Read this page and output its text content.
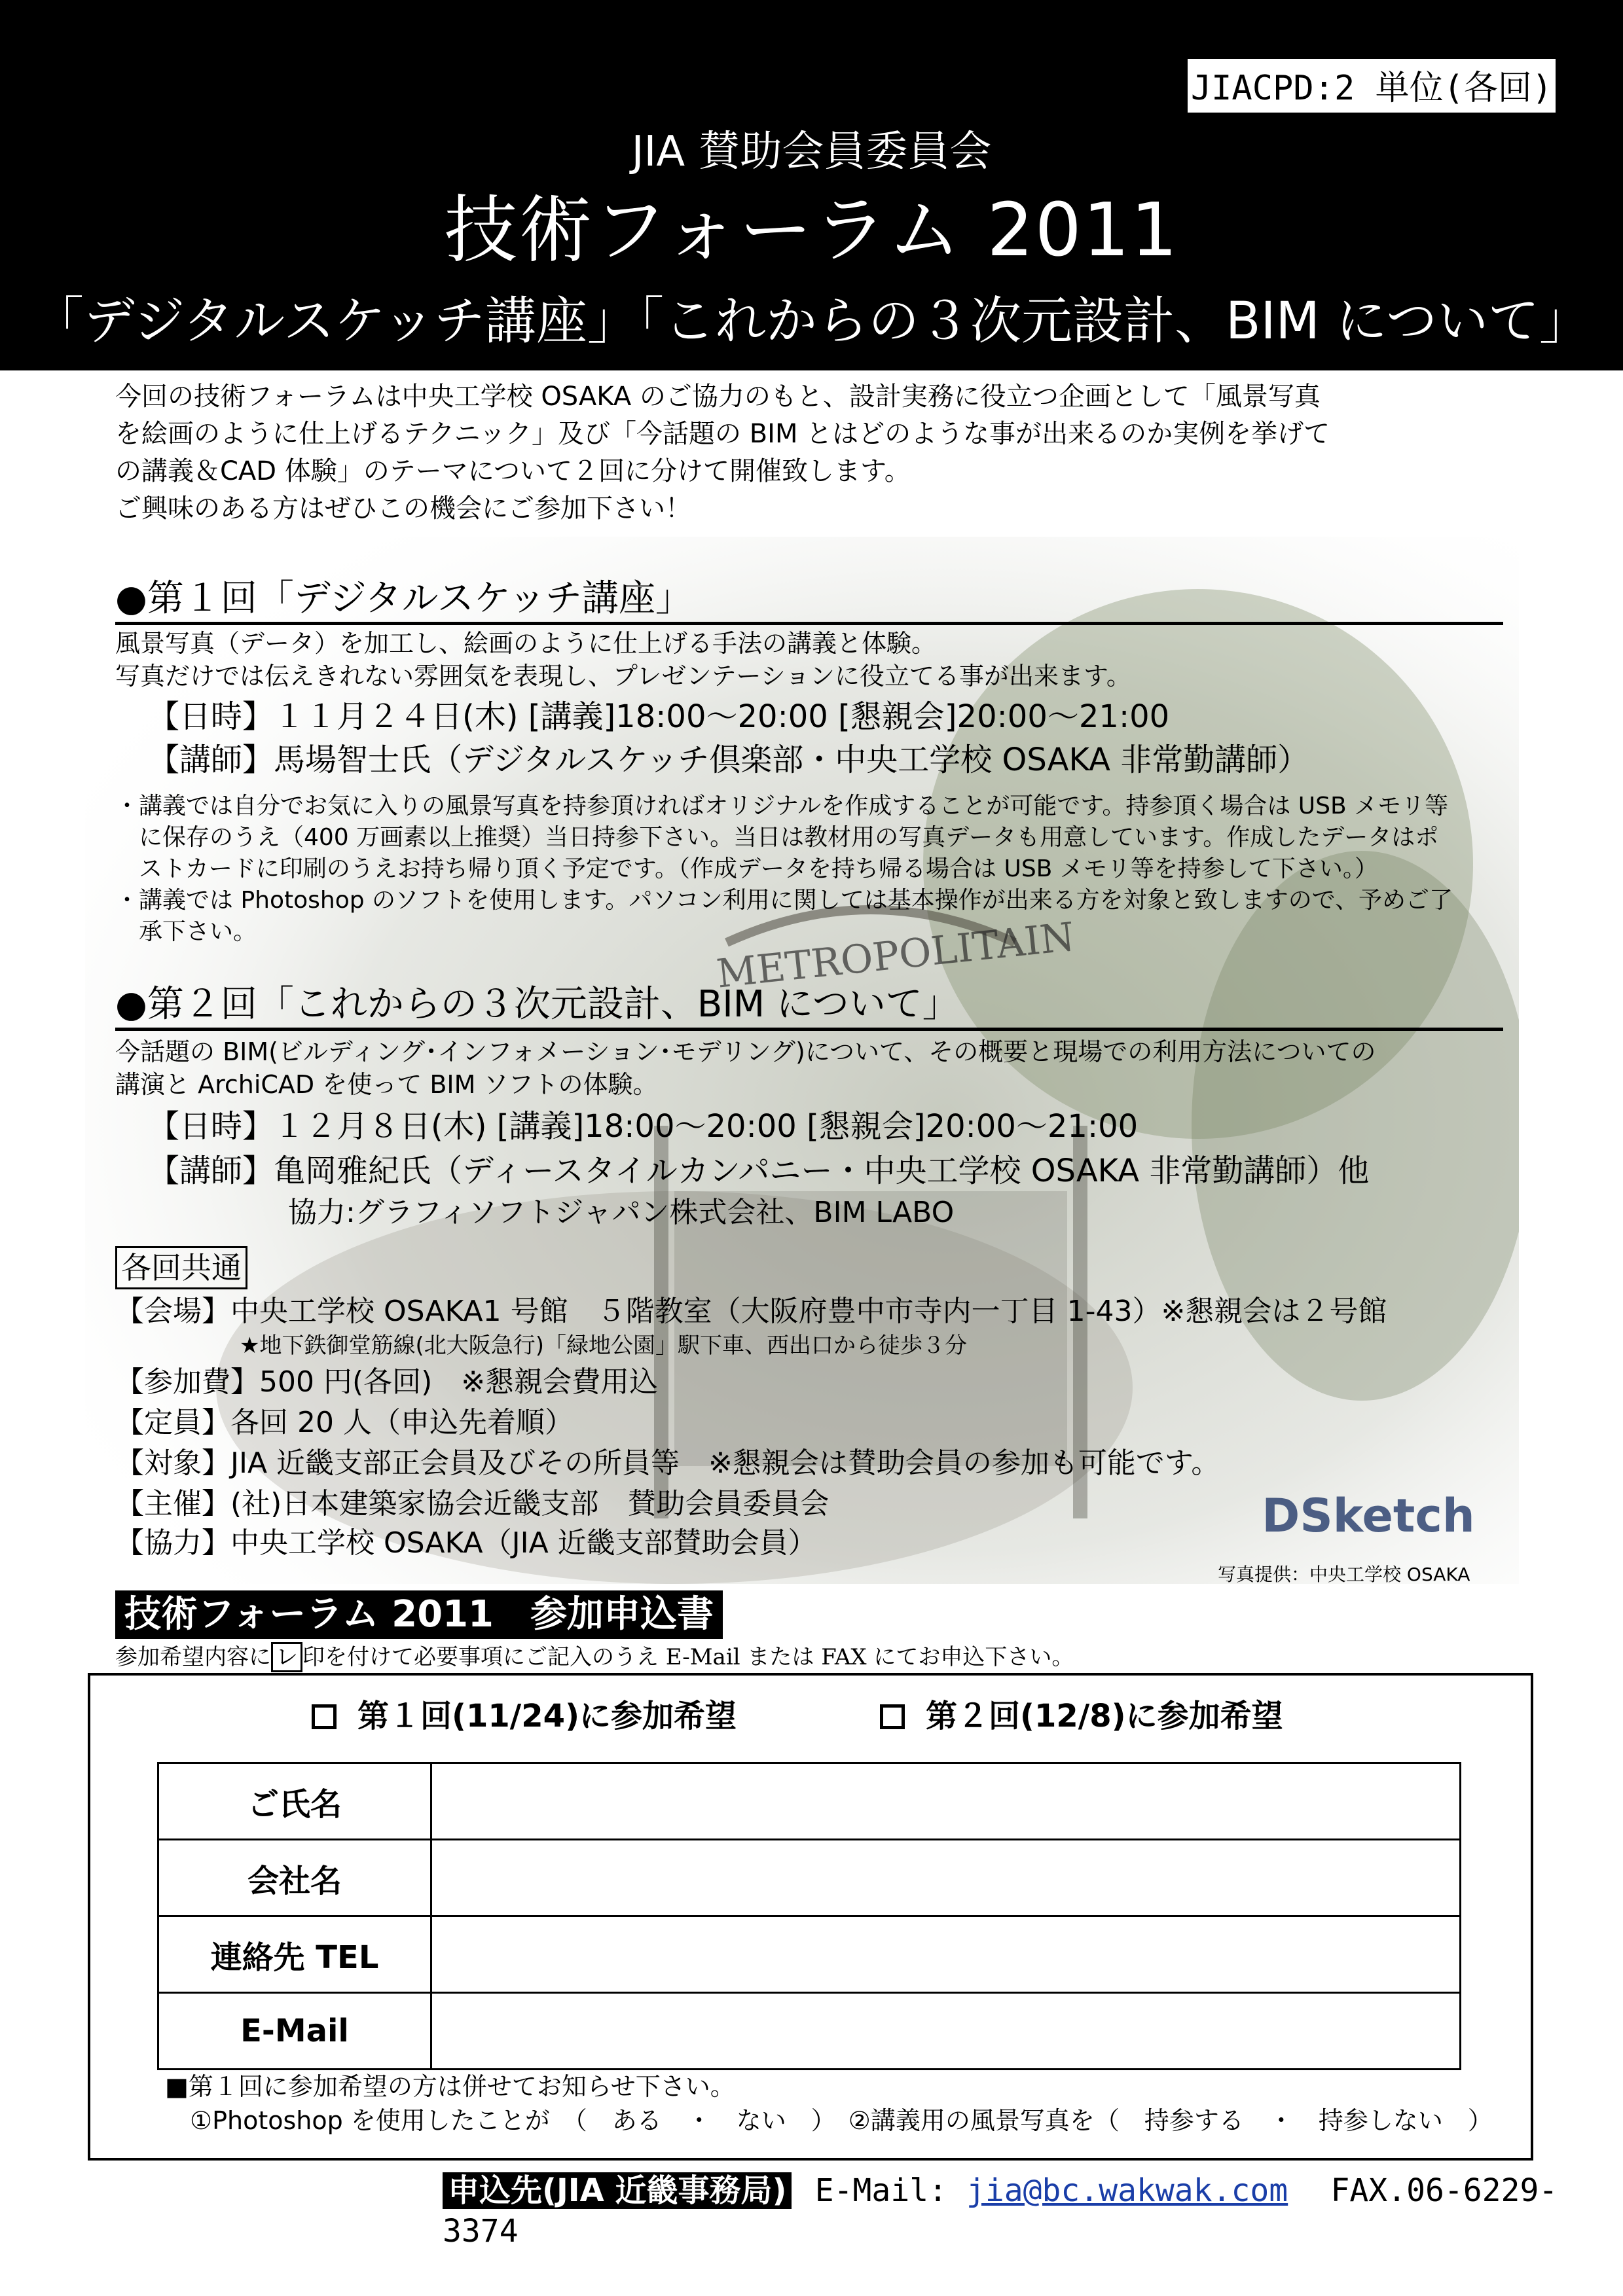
JIACPD:2 単位(各回)
JIA 賛助会員委員会
技術フォーラム 2011
「デジタルスケッチ講座」「これからの３次元設計、BIM について」
METROPOLITAIN
DSketch
今回の技術フォーラムは中央工学校 OSAKA のご協力のもと、設計実務に役立つ企画として「風景写真
を絵画のように仕上げるテクニック」及び「今話題の BIM とはどのような事が出来るのか実例を挙げて
の講義＆CAD 体験」のテーマについて２回に分けて開催致します。
ご興味のある方はぜひこの機会にご参加下さい！
●第１回「デジタルスケッチ講座」
風景写真（データ）を加工し、絵画のように仕上げる手法の講義と体験。
写真だけでは伝えきれない雰囲気を表現し、プレゼンテーションに役立てる事が出来ます。
【日時】１１月２４日(木) [講義]18:00～20:00 [懇親会]20:00～21:00
【講師】馬場智士氏（デジタルスケッチ倶楽部・中央工学校 OSAKA 非常勤講師）
・講義では自分でお気に入りの風景写真を持参頂ければオリジナルを作成することが可能です。持参頂く場合は USB メモリ等
　に保存のうえ（400 万画素以上推奨）当日持参下さい。当日は教材用の写真データも用意しています。作成したデータはポ
　ストカードに印刷のうえお持ち帰り頂く予定です。（作成データを持ち帰る場合は USB メモリ等を持参して下さい。）
・講義では Photoshop のソフトを使用します。パソコン利用に関しては基本操作が出来る方を対象と致しますので、予めご了
　承下さい。
●第２回「これからの３次元設計、BIM について」
今話題の BIM(ビルディング･インフォメーション･モデリング)について、その概要と現場での利用方法についての
講演と ArchiCAD を使って BIM ソフトの体験。
【日時】１２月８日(木) [講義]18:00～20:00 [懇親会]20:00～21:00
【講師】亀岡雅紀氏（ディースタイルカンパニー・中央工学校 OSAKA 非常勤講師）他
協力:グラフィソフトジャパン株式会社、BIM LABO
各回共通
【会場】中央工学校 OSAKA1 号館　５階教室（大阪府豊中市寺内一丁目 1-43）※懇親会は２号館
★地下鉄御堂筋線(北大阪急行)「緑地公園」駅下車、西出口から徒歩３分
【参加費】500 円(各回)　※懇親会費用込
【定員】各回 20 人（申込先着順）
【対象】JIA 近畿支部正会員及びその所員等　※懇親会は賛助会員の参加も可能です。
【主催】(社)日本建築家協会近畿支部　賛助会員委員会
【協力】中央工学校 OSAKA（JIA 近畿支部賛助会員）
写真提供：中央工学校 OSAKA
技術フォーラム 2011　参加申込書
参加希望内容に レ 印を付けて必要事項にご記入のうえ E-Mail または FAX にてお申込下さい。
第１回(11/24)に参加希望	第２回(12/8)に参加希望
ご氏名	
会社名	
連絡先 TEL	
E-Mail	
■第１回に参加希望の方は併せてお知らせ下さい。
①Photoshop を使用したことが　（　ある　・　ない　）　②講義用の風景写真を（　持参する　・　持参しない　）
申込先(JIA 近畿事務局) E-Mail: jia@bc.wakwak.com FAX.06-6229-3374
